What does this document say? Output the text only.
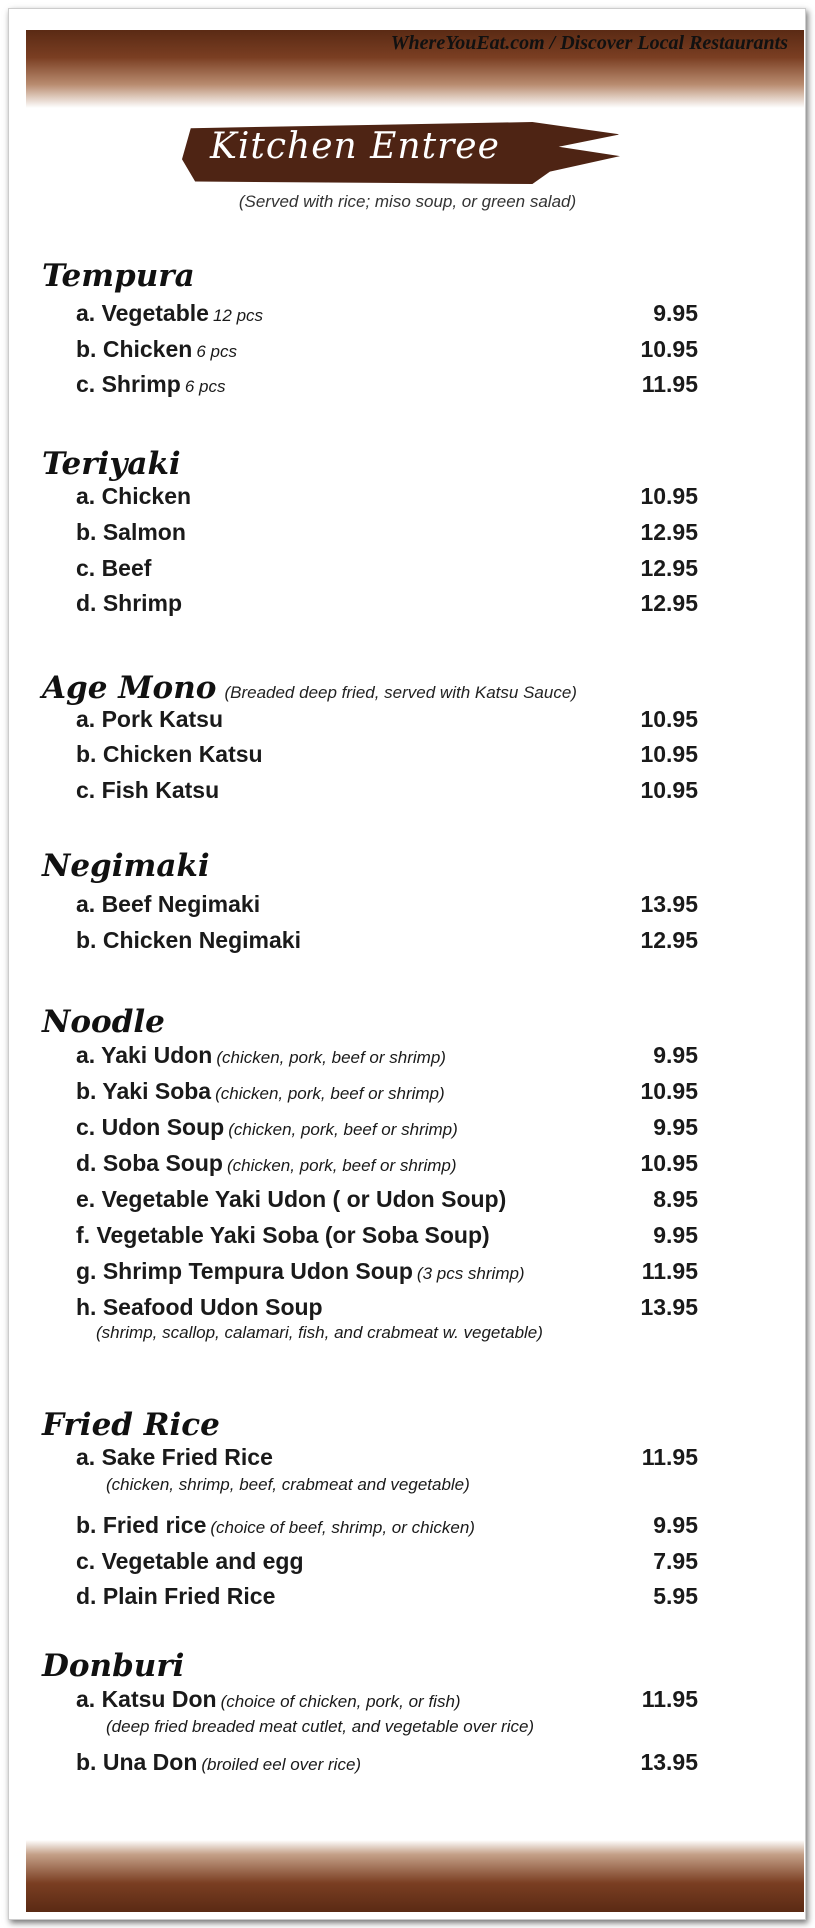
WhereYouEat.com / Discover Local Restaurants
Kitchen Entree
(Served with rice; miso soup, or green salad)
Tempura
a. Vegetable 12 pcs	9.95
b. Chicken 6 pcs	10.95
c. Shrimp 6 pcs	11.95
Teriyaki
a. Chicken	10.95
b. Salmon	12.95
c. Beef	12.95
d. Shrimp	12.95
Age Mono (Breaded deep fried, served with Katsu Sauce)
a. Pork Katsu	10.95
b. Chicken Katsu	10.95
c. Fish Katsu	10.95
Negimaki
a. Beef Negimaki	13.95
b. Chicken Negimaki	12.95
Noodle
a. Yaki Udon (chicken, pork, beef or shrimp)	9.95
b. Yaki Soba (chicken, pork, beef or shrimp)	10.95
c. Udon Soup (chicken, pork, beef or shrimp)	9.95
d. Soba Soup (chicken, pork, beef or shrimp)	10.95
e. Vegetable Yaki Udon ( or Udon Soup)	8.95
f. Vegetable Yaki Soba (or Soba Soup)	9.95
g. Shrimp Tempura Udon Soup (3 pcs shrimp)	11.95
h. Seafood Udon Soup	13.95
(shrimp, scallop, calamari, fish, and crabmeat w. vegetable)
Fried Rice
a. Sake Fried Rice	11.95
(chicken, shrimp, beef, crabmeat and vegetable)
b. Fried rice (choice of beef, shrimp, or chicken)	9.95
c. Vegetable and egg	7.95
d. Plain Fried Rice	5.95
Donburi
a. Katsu Don (choice of chicken, pork, or fish)	11.95
(deep fried breaded meat cutlet, and vegetable over rice)
b. Una Don (broiled eel over rice)	13.95
